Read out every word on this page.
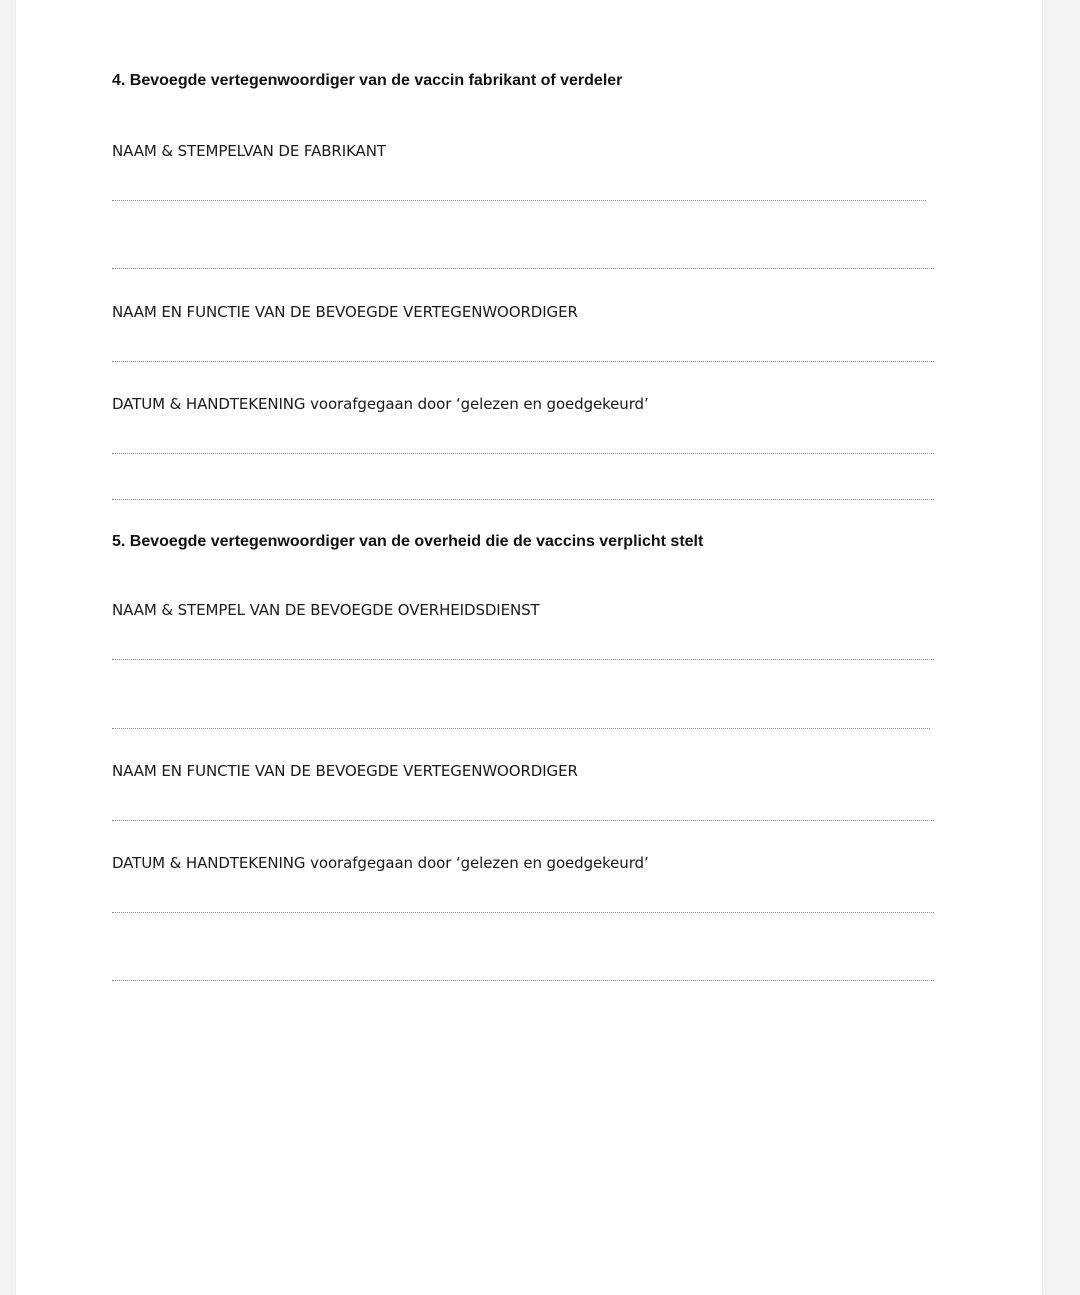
4. Bevoegde vertegenwoordiger van de vaccin fabrikant of verdeler
NAAM & STEMPELVAN DE FABRIKANT
NAAM EN FUNCTIE VAN DE BEVOEGDE VERTEGENWOORDIGER
DATUM & HANDTEKENING voorafgegaan door ‘gelezen en goedgekeurd’
5. Bevoegde vertegenwoordiger van de overheid die de vaccins verplicht stelt
NAAM & STEMPEL VAN DE BEVOEGDE OVERHEIDSDIENST
NAAM EN FUNCTIE VAN DE BEVOEGDE VERTEGENWOORDIGER
DATUM & HANDTEKENING voorafgegaan door ‘gelezen en goedgekeurd’
